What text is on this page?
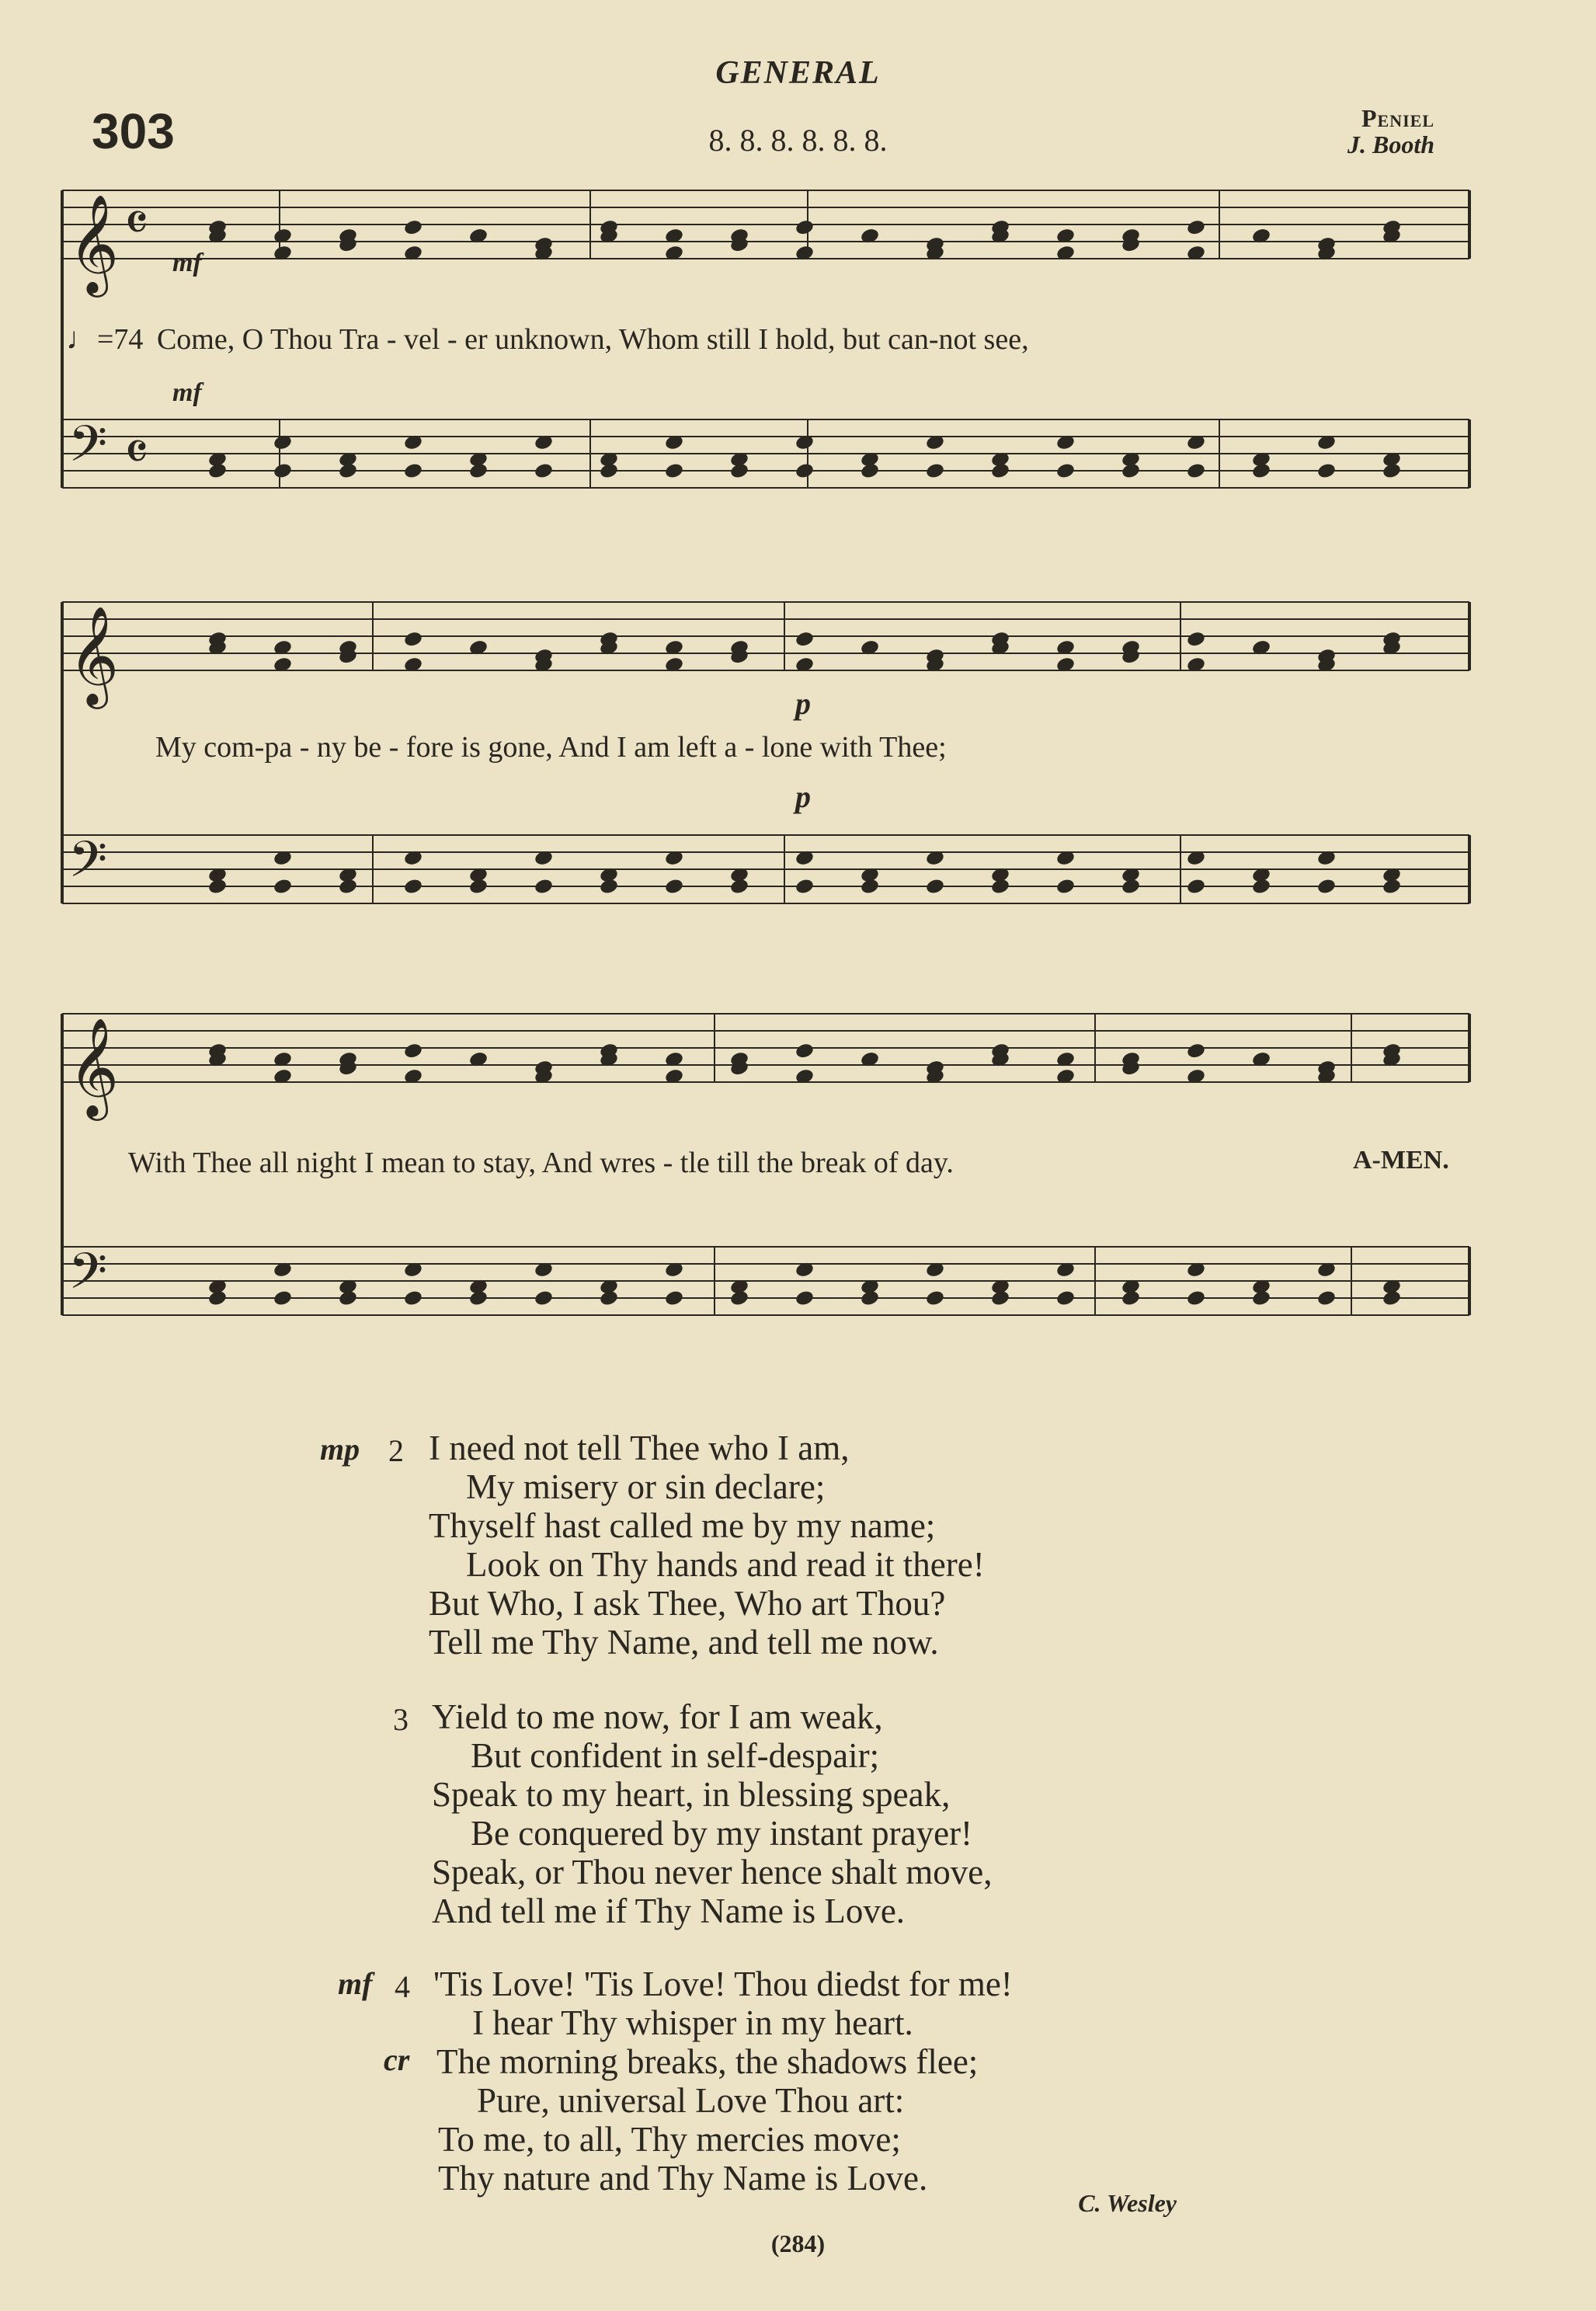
GENERAL
303	8. 8. 8. 8. 8. 8.
Peniel
J. Booth
𝄞
𝄢
𝄴
𝄴
𝄞
𝄢
𝄞
𝄢
♩=74 Come, O Thou Tra - vel - er unknown, Whom still I hold, but can-not see,
My com-pa - ny be - fore is gone, And I am left a - lone with Thee;
With Thee all night I mean to stay, And wres - tle till the break of day.	A-MEN.
mf
mf
p
p
mp 2 I need not tell Thee who I am,
My misery or sin declare;
Thyself hast called me by my name;
Look on Thy hands and read it there!
But Who, I ask Thee, Who art Thou?
Tell me Thy Name, and tell me now.
3 Yield to me now, for I am weak,
But confident in self-despair;
Speak to my heart, in blessing speak,
Be conquered by my instant prayer!
Speak, or Thou never hence shalt move,
And tell me if Thy Name is Love.
mf 4 'Tis Love! 'Tis Love! Thou diedst for me!
I hear Thy whisper in my heart.
cr The morning breaks, the shadows flee;
Pure, universal Love Thou art:
To me, to all, Thy mercies move;
Thy nature and Thy Name is Love.
C. Wesley
(284)
